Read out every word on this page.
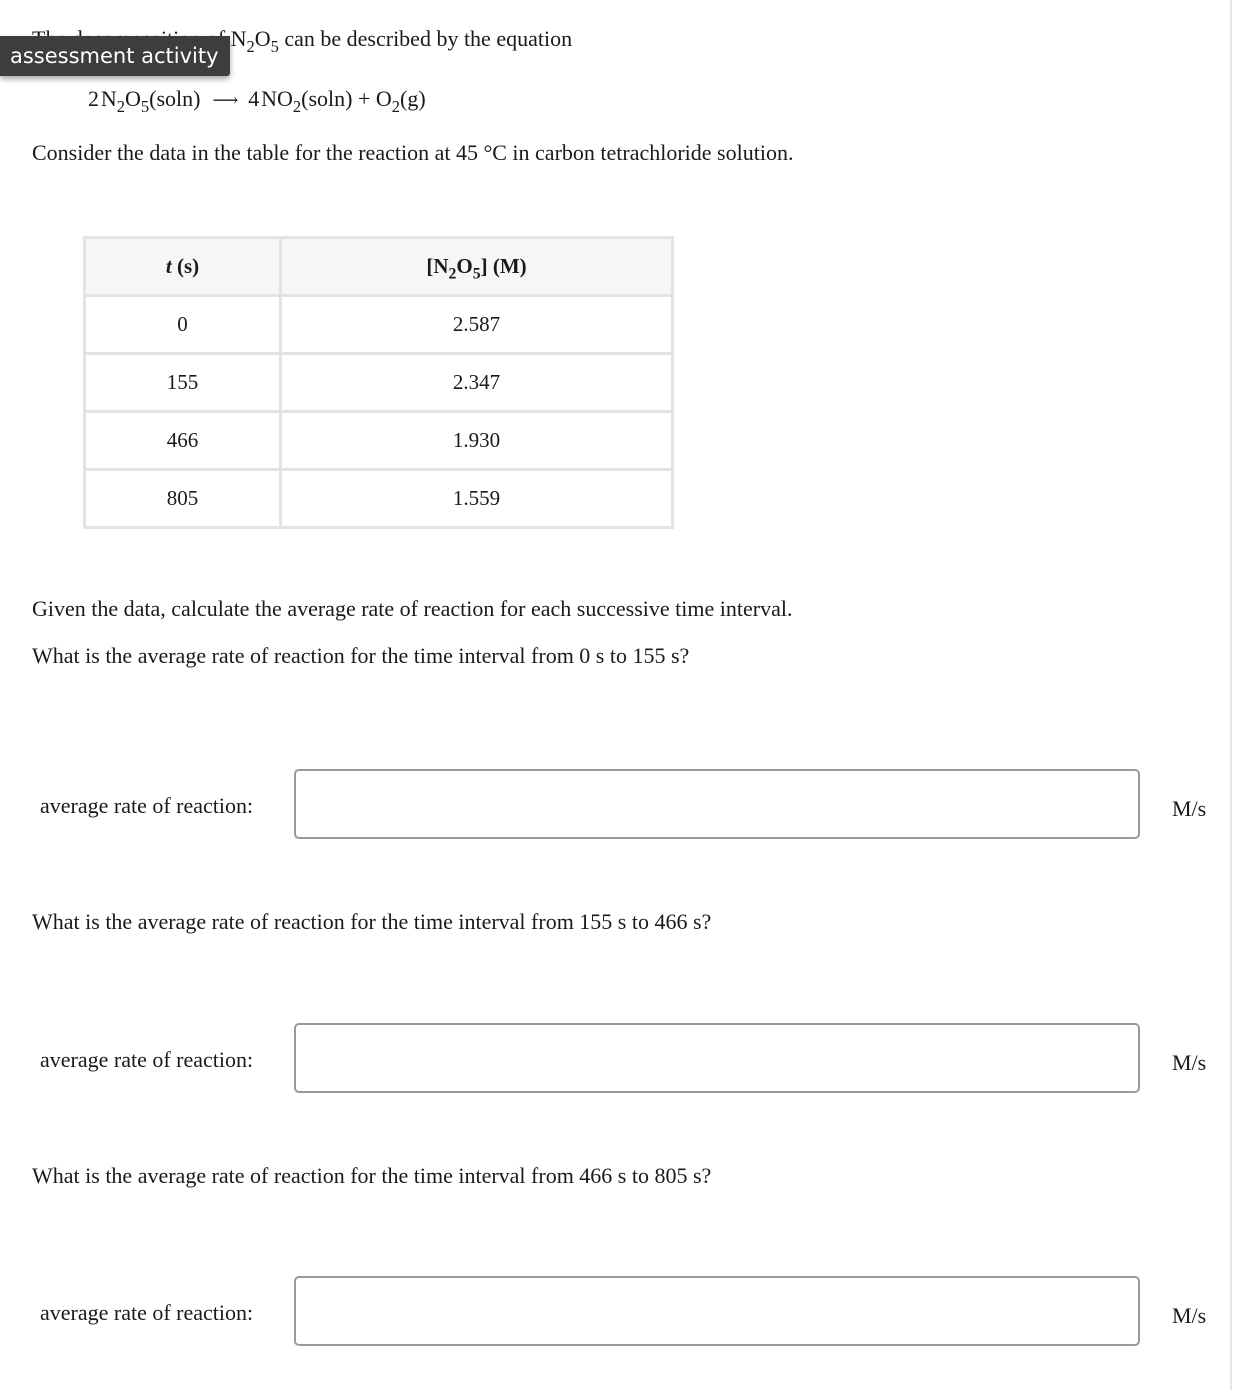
$N_2O_5$ can be described by the equation
assessment activity
2 $N_2O_5(soln)$ ⟶ 4 $NO_2(soln) + O_2(g)$
Consider the data in the table for the reaction at 45 °C in carbon tetrachloride solution.
t (s)	$[N_2O_5]$ (M)
0	2.587
155	2.347
466	1.930
805	1.559
Given the data, calculate the average rate of reaction for each successive time interval.
What is the average rate of reaction for the time interval from 0 s to 155 s?
average rate of reaction:	M/s
What is the average rate of reaction for the time interval from 155 s to 466 s?
average rate of reaction:	M/s
What is the average rate of reaction for the time interval from 466 s to 805 s?
average rate of reaction:	M/s
